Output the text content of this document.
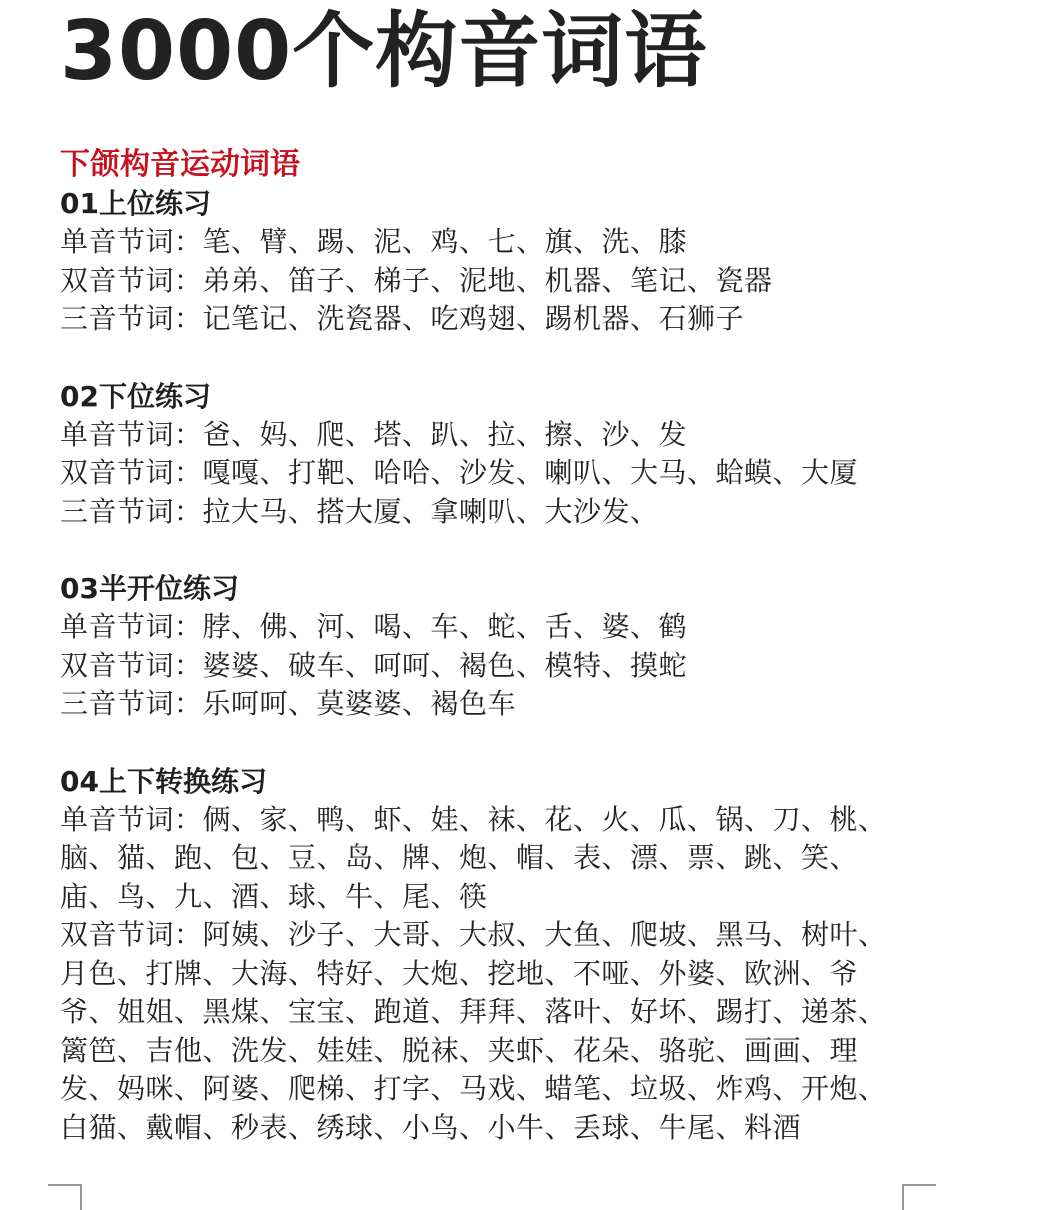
3000个构音词语
下颌构音运动词语
01上位练习

单音节词：笔、臂、踢、泥、鸡、七、旗、洗、膝

双音节词：弟弟、笛子、梯子、泥地、机器、笔记、瓷器

三音节词：记笔记、洗瓷器、吃鸡翅、踢机器、石狮子

02下位练习

单音节词：爸、妈、爬、塔、趴、拉、擦、沙、发

双音节词：嘎嘎、打靶、哈哈、沙发、喇叭、大马、蛤蟆、大厦

三音节词：拉大马、搭大厦、拿喇叭、大沙发、

03半开位练习

单音节词：脖、佛、河、喝、车、蛇、舌、婆、鹤

双音节词：婆婆、破车、呵呵、褐色、模特、摸蛇

三音节词：乐呵呵、莫婆婆、褐色车

04上下转换练习

单音节词：俩、家、鸭、虾、娃、袜、花、火、瓜、锅、刀、桃、

脑、猫、跑、包、豆、岛、牌、炮、帽、表、漂、票、跳、笑、

庙、鸟、九、酒、球、牛、尾、筷

双音节词：阿姨、沙子、大哥、大叔、大鱼、爬坡、黑马、树叶、

月色、打牌、大海、特好、大炮、挖地、不哑、外婆、欧洲、爷

爷、姐姐、黑煤、宝宝、跑道、拜拜、落叶、好坏、踢打、递茶、

篱笆、吉他、洗发、娃娃、脱袜、夹虾、花朵、骆驼、画画、理

发、妈咪、阿婆、爬梯、打字、马戏、蜡笔、垃圾、炸鸡、开炮、

白猫、戴帽、秒表、绣球、小鸟、小牛、丢球、牛尾、料酒
